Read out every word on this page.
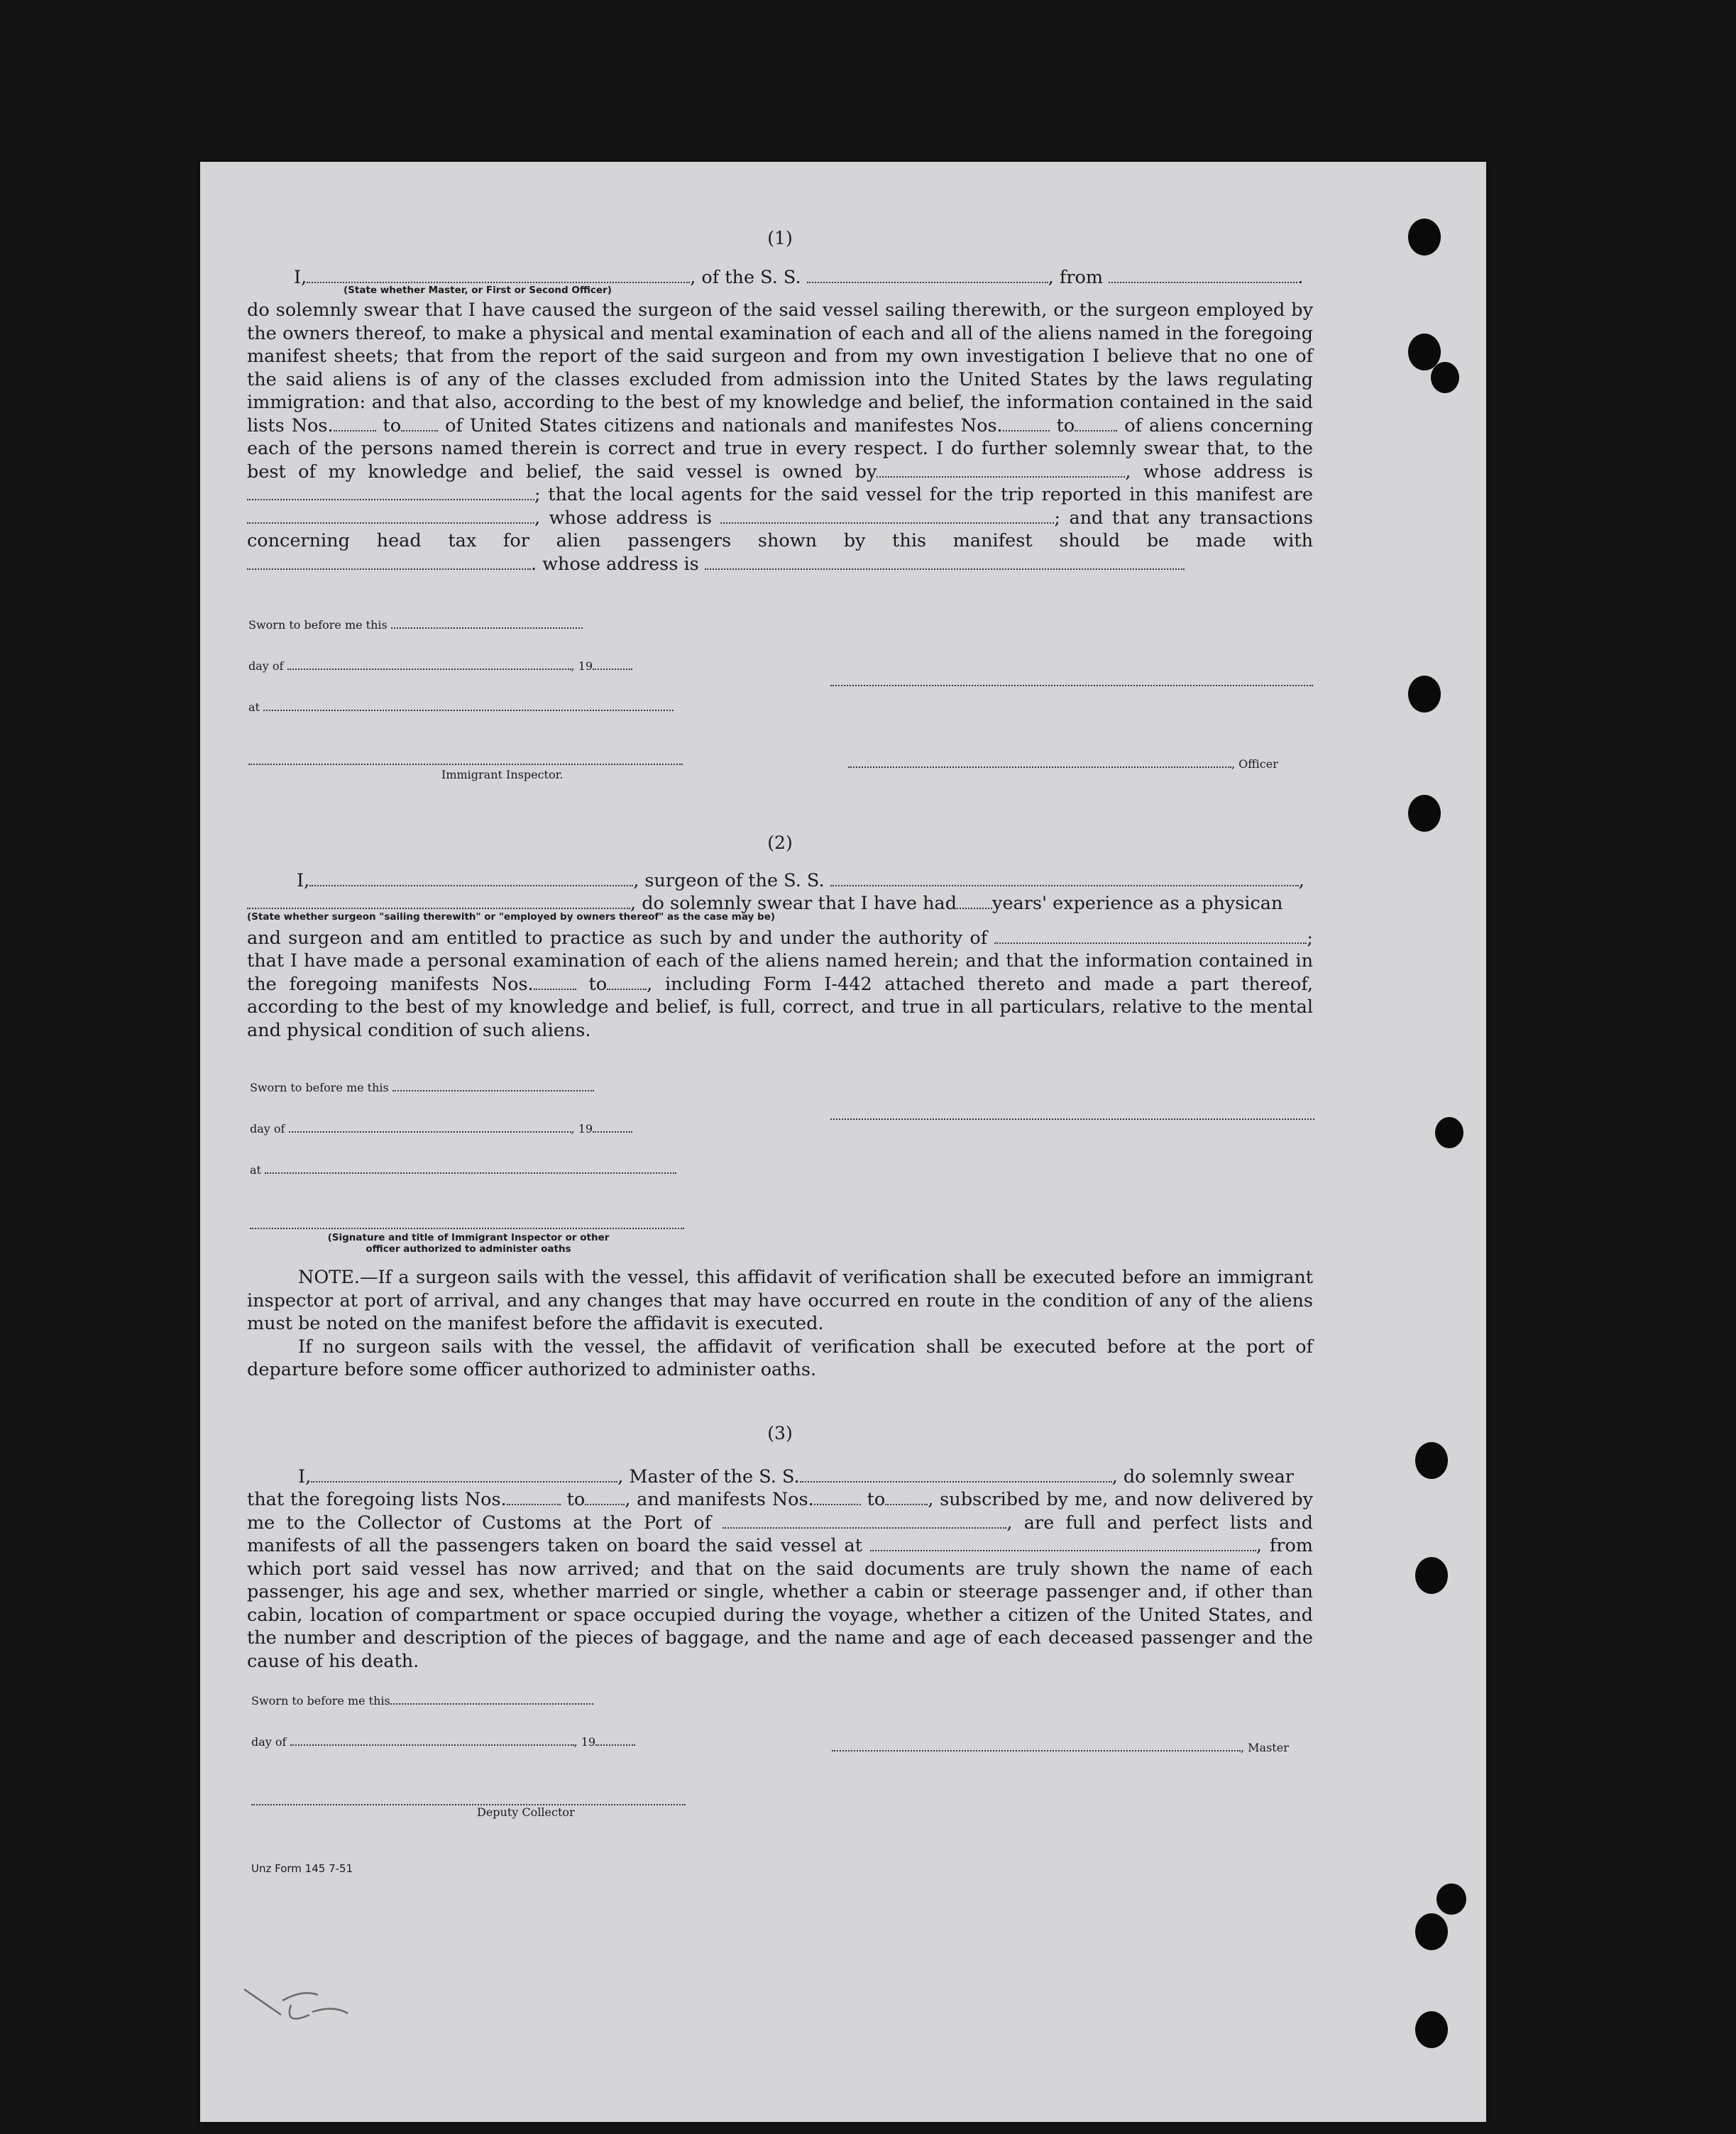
(1)

I,	, of the S. S.	, from	.

(State whether Master, or First or Second Officer)

do solemnly swear that I have caused the surgeon of the said vessel sailing therewith, or the surgeon employed by the owners thereof, to make a physical and mental examination of each and all of the aliens named in the foregoing manifest sheets; that from the report of the said surgeon and from my own investigation I believe that no one of the said aliens is of any of the classes excluded from admission into the United States by the laws regulating immigration: and that also, according to the best of my knowledge and belief, the information contained in the said lists Nos.	to of United States citizens and nationals and manifestes Nos.	to	of aliens concerning each of the persons named therein is correct and true in every respect. I do further solemnly swear that, to the best of my knowledge and belief, the said vessel is owned by	, whose address is ; that the local agents for the said vessel for the trip reported in this manifest are , whose address is	; and that any transactions concerning head tax for alien passengers shown by this manifest should be made with . whose address is

Sworn to before me this
day of	, 19
at
Immigrant Inspector.
, Officer

(2)

I,	, surgeon of the S. S.	,

, do solemnly swear that I have had years' experience as a physican

(State whether surgeon "sailing therewith" or "employed by owners thereof" as the case may be)

and surgeon and am entitled to practice as such by and under the authority of	; that I have made a personal examination of each of the aliens named herein; and that the information contained in the foregoing manifests Nos.	to , including Form I-442 attached thereto and made a part thereof, according to the best of my knowledge and belief, is full, correct, and true in all particulars, relative to the mental and physical condition of such aliens.

Sworn to before me this
day of	, 19
at
(Signature and title of Immigrant Inspector or other
officer authorized to administer oaths

NOTE.—If a surgeon sails with the vessel, this affidavit of verification shall be executed before an immigrant inspector at port of arrival, and any changes that may have occurred en route in the condition of any of the aliens must be noted on the manifest before the affidavit is executed.

If no surgeon sails with the vessel, the affidavit of verification shall be executed before at the port of departure before some officer authorized to administer oaths.

(3)

I,	, Master of the S. S.	, do solemnly swear

that the foregoing lists Nos.	to , and manifests Nos.	to , subscribed by me, and now delivered by me to the Collector of Customs at the Port of	, are full and perfect lists and manifests of all the passengers taken on board the said vessel at	, from which port said vessel has now arrived; and that on the said documents are truly shown the name of each passenger, his age and sex, whether married or single, whether a cabin or steerage passenger and, if other than cabin, location of compartment or space occupied during the voyage, whether a citizen of the United States, and the number and description of the pieces of baggage, and the name and age of each deceased passenger and the cause of his death.

Sworn to before me this
day of	, 19	, Master
Deputy Collector
Unz Form 145 7-51
